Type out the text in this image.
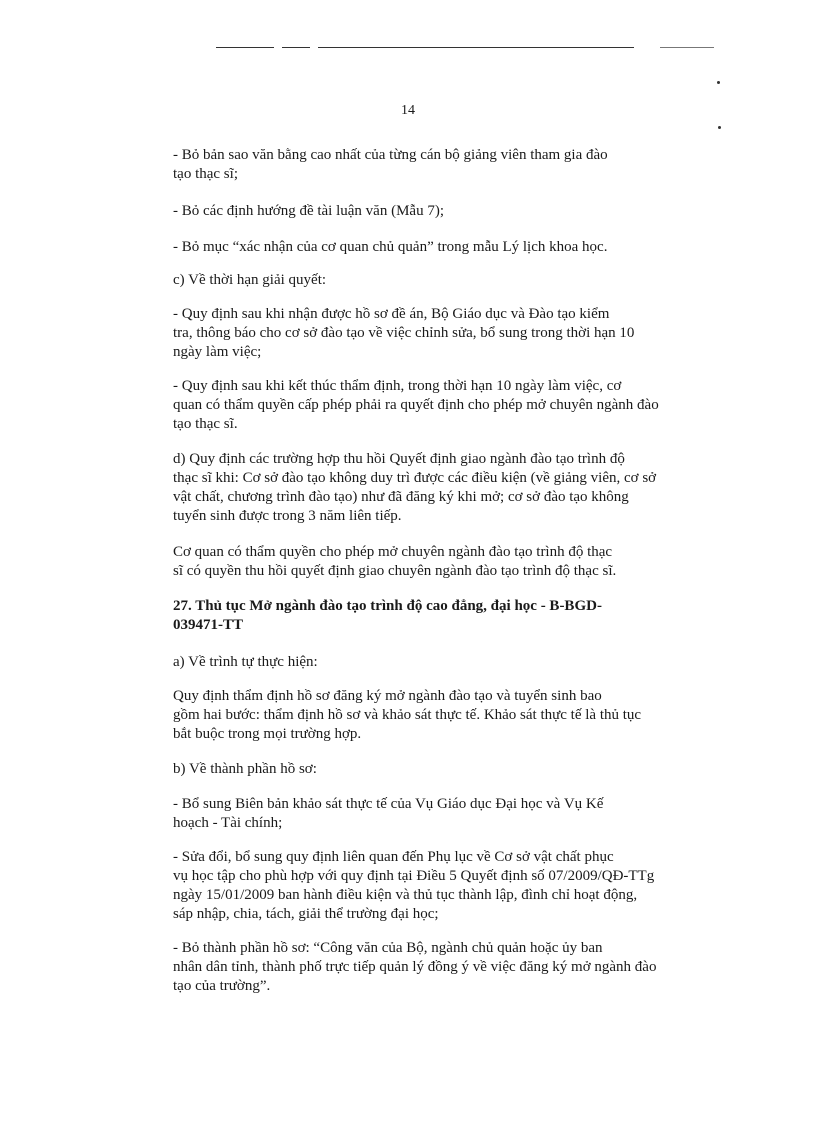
14

- Bỏ bản sao văn bằng cao nhất của từng cán bộ giảng viên tham gia đào
tạo thạc sĩ;

- Bỏ các định hướng đề tài luận văn (Mẫu 7);

- Bỏ mục “xác nhận của cơ quan chủ quản” trong mẫu Lý lịch khoa học.

c) Về thời hạn giải quyết:

- Quy định sau khi nhận được hồ sơ đề án, Bộ Giáo dục và Đào tạo kiểm
tra, thông báo cho cơ sở đào tạo về việc chỉnh sửa, bổ sung trong thời hạn 10
ngày làm việc;

- Quy định sau khi kết thúc thẩm định, trong thời hạn 10 ngày làm việc, cơ
quan có thẩm quyền cấp phép phải ra quyết định cho phép mở chuyên ngành đào
tạo thạc sĩ.

d) Quy định các trường hợp thu hồi Quyết định giao ngành đào tạo trình độ
thạc sĩ khi: Cơ sở đào tạo không duy trì được các điều kiện (về giảng viên, cơ sở
vật chất, chương trình đào tạo) như đã đăng ký khi mở; cơ sở đào tạo không
tuyển sinh được trong 3 năm liên tiếp.

Cơ quan có thẩm quyền cho phép mở chuyên ngành đào tạo trình độ thạc
sĩ có quyền thu hồi quyết định giao chuyên ngành đào tạo trình độ thạc sĩ.

27. Thủ tục Mở ngành đào tạo trình độ cao đẳng, đại học - B-BGD-
039471-TT

a) Về trình tự thực hiện:

Quy định thẩm định hồ sơ đăng ký mở ngành đào tạo và tuyển sinh bao
gồm hai bước: thẩm định hồ sơ và khảo sát thực tế. Khảo sát thực tế là thủ tục
bắt buộc trong mọi trường hợp.

b) Về thành phần hồ sơ:

- Bổ sung Biên bản khảo sát thực tế của Vụ Giáo dục Đại học và Vụ Kế
hoạch - Tài chính;

- Sửa đổi, bổ sung quy định liên quan đến Phụ lục về Cơ sở vật chất phục
vụ học tập cho phù hợp với quy định tại Điều 5 Quyết định số 07/2009/QĐ-TTg
ngày 15/01/2009 ban hành điều kiện và thủ tục thành lập, đình chỉ hoạt động,
sáp nhập, chia, tách, giải thể trường đại học;

- Bỏ thành phần hồ sơ: “Công văn của Bộ, ngành chủ quản hoặc ủy ban
nhân dân tỉnh, thành phố trực tiếp quản lý đồng ý về việc đăng ký mở ngành đào
tạo của trường”.
